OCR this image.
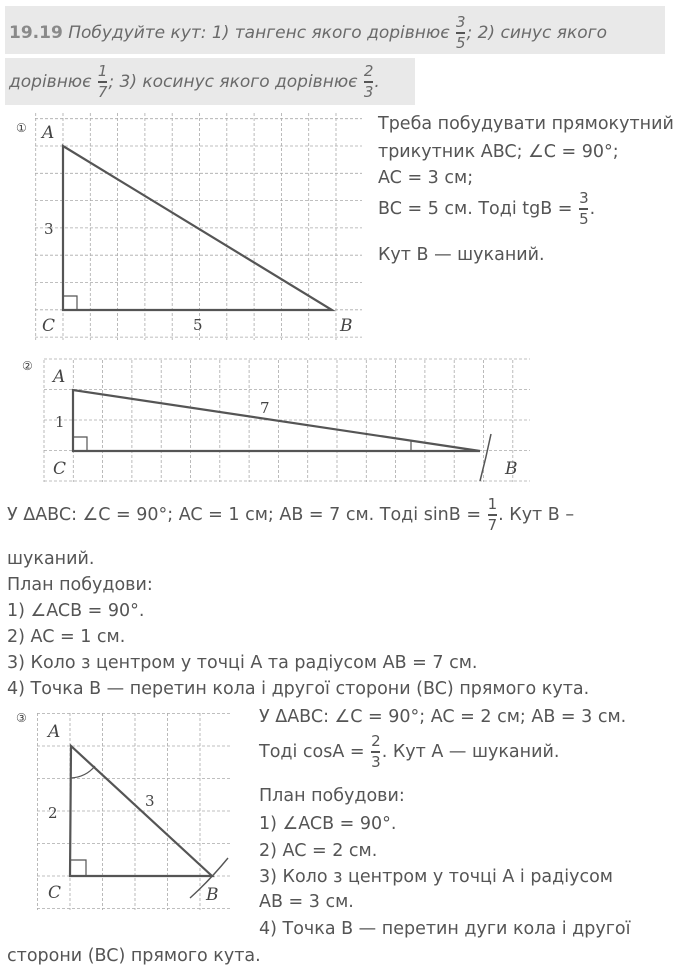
19.19 Побудуйте кут: 1) тангенс якого дорівнює $\frac{3}{5}$ ; 2) синус якого
дорівнює $\frac{1}{7}$ ; 3) косинус якого дорівнює $\frac{2}{3}$ .
① A
C	B
3
5
②
A
C	B
1
7
③
A
C	B
2
3
Треба побудувати прямокутний
трикутник ABC; ∠C = 90°;
AC = 3 см;
BC = 5 см. Тоді tgB = $\frac{3}{5}$ .
Кут B — шуканий.
У ΔABC: ∠C = 90°; AC = 1 см; AB = 7 см. Тоді $\sin B = \frac{1}{7}$ . Кут B –
шуканий.
План побудови:
1) ∠ACB = 90°.
2) AC = 1 см.
3) Коло з центром у точці A та радіусом AB = 7 см.
4) Точка B — перетин кола і другої сторони (BC) прямого кута.
У ΔABC: ∠C = 90°; AC = 2 см; AB = 3 см.
Тоді $\cos A = \frac{2}{3}$ . Кут A — шуканий.
План побудови:
1) ∠ACB = 90°.
2) AC = 2 см.
3) Коло з центром у точці A і радіусом
AB = 3 см.
4) Точка B — перетин дуги кола і другої
сторони (BC) прямого кута.
